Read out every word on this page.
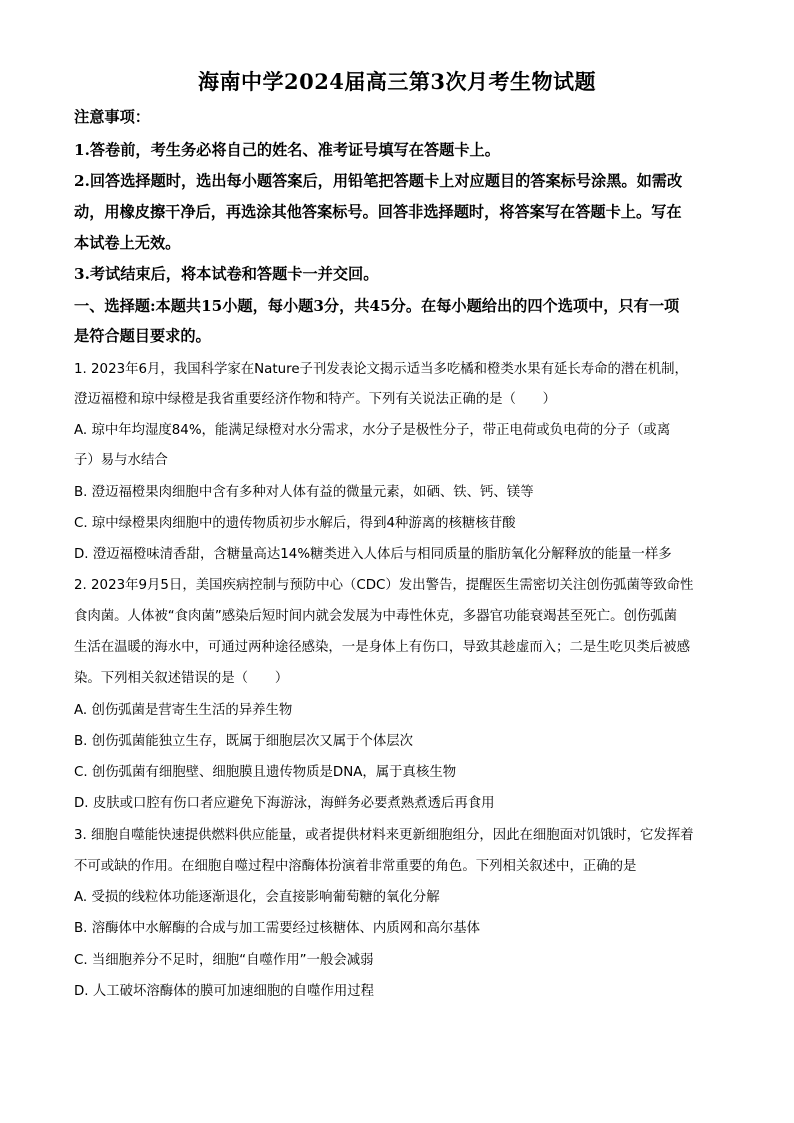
海南中学2024届高三第3次月考生物试题
注意事项：
1.答卷前，考生务必将自己的姓名、准考证号填写在答题卡上。
2.回答选择题时，选出每小题答案后，用铅笔把答题卡上对应题目的答案标号涂黑。如需改
动，用橡皮擦干净后，再选涂其他答案标号。回答非选择题时，将答案写在答题卡上。写在
本试卷上无效。
3.考试结束后，将本试卷和答题卡一并交回。
一、选择题:本题共15小题，每小题3分，共45分。在每小题给出的四个选项中，只有一项
是符合题目要求的。
1. 2023年6月，我国科学家在Nature子刊发表论文揭示适当多吃橘和橙类水果有延长寿命的潜在机制，
澄迈福橙和琼中绿橙是我省重要经济作物和特产。下列有关说法正确的是（　　）
A. 琼中年均湿度84%，能满足绿橙对水分需求，水分子是极性分子，带正电荷或负电荷的分子（或离
子）易与水结合
B. 澄迈福橙果肉细胞中含有多种对人体有益的微量元素，如硒、铁、钙、镁等
C. 琼中绿橙果肉细胞中的遗传物质初步水解后，得到4种游离的核糖核苷酸
D. 澄迈福橙味清香甜，含糖量高达14%糖类进入人体后与相同质量的脂肪氧化分解释放的能量一样多
2. 2023年9月5日，美国疾病控制与预防中心（CDC）发出警告，提醒医生需密切关注创伤弧菌等致命性
食肉菌。人体被“食肉菌”感染后短时间内就会发展为中毒性休克，多器官功能衰竭甚至死亡。创伤弧菌
生活在温暖的海水中，可通过两种途径感染，一是身体上有伤口，导致其趁虚而入；二是生吃贝类后被感
染。下列相关叙述错误的是（　　）
A. 创伤弧菌是营寄生生活的异养生物
B. 创伤弧菌能独立生存，既属于细胞层次又属于个体层次
C. 创伤弧菌有细胞壁、细胞膜且遗传物质是DNA，属于真核生物
D. 皮肤或口腔有伤口者应避免下海游泳，海鲜务必要煮熟煮透后再食用
3. 细胞自噬能快速提供燃料供应能量，或者提供材料来更新细胞组分，因此在细胞面对饥饿时，它发挥着
不可或缺的作用。在细胞自噬过程中溶酶体扮演着非常重要的角色。下列相关叙述中，正确的是
A. 受损的线粒体功能逐渐退化，会直接影响葡萄糖的氧化分解
B. 溶酶体中水解酶的合成与加工需要经过核糖体、内质网和高尔基体
C. 当细胞养分不足时，细胞“自噬作用”一般会减弱
D. 人工破坏溶酶体的膜可加速细胞的自噬作用过程
